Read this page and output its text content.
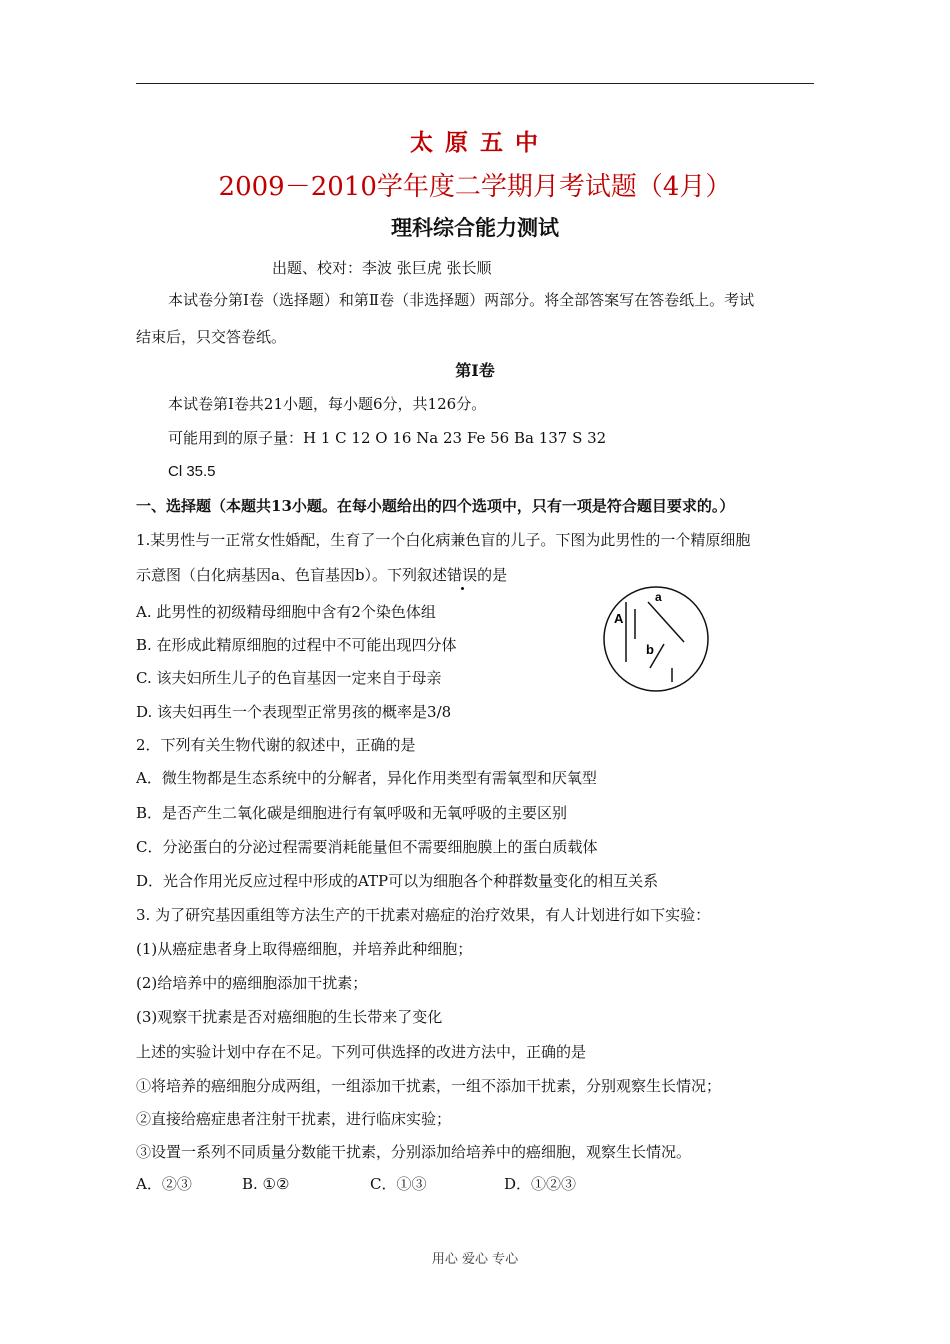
太 原 五 中
2009－2010学年度二学期月考试题（4月）
理科综合能力测试
出题、校对：李波 张巨虎 张长顺
本试卷分第Ⅰ卷（选择题）和第Ⅱ卷（非选择题）两部分。将全部答案写在答卷纸上。考试
结束后，只交答卷纸。
第Ⅰ卷
本试卷第Ⅰ卷共21小题，每小题6分，共126分。
可能用到的原子量：H 1 C 12 O 16 Na 23 Fe 56 Ba 137 S 32
Cl 35.5
一、选择题（本题共13小题。在每小题给出的四个选项中，只有一项是符合题目要求的。）
1.某男性与一正常女性婚配，生育了一个白化病兼色盲的儿子。下图为此男性的一个精原细胞
示意图（白化病基因a、色盲基因b）。下列叙述错误的是
A. 此男性的初级精母细胞中含有2个染色体组
B. 在形成此精原细胞的过程中不可能出现四分体
C. 该夫妇所生儿子的色盲基因一定来自于母亲
D. 该夫妇再生一个表现型正常男孩的概率是3/8
A
a
b
2．下列有关生物代谢的叙述中，正确的是
A．微生物都是生态系统中的分解者，异化作用类型有需氧型和厌氧型
B．是否产生二氧化碳是细胞进行有氧呼吸和无氧呼吸的主要区别
C．分泌蛋白的分泌过程需要消耗能量但不需要细胞膜上的蛋白质载体
D．光合作用光反应过程中形成的ATP可以为细胞各个种群数量变化的相互关系
3. 为了研究基因重组等方法生产的干扰素对癌症的治疗效果，有人计划进行如下实验：
(1)从癌症患者身上取得癌细胞，并培养此种细胞；
(2)给培养中的癌细胞添加干扰素；
(3)观察干扰素是否对癌细胞的生长带来了变化
上述的实验计划中存在不足。下列可供选择的改进方法中，正确的是
①将培养的癌细胞分成两组，一组添加干扰素，一组不添加干扰素，分别观察生长情况；
②直接给癌症患者注射干扰素，进行临床实验；
③设置一系列不同质量分数能干扰素，分别添加给培养中的癌细胞，观察生长情况。
A．②③	B. ①②	C．①③	D．①②③
用心 爱心 专心
